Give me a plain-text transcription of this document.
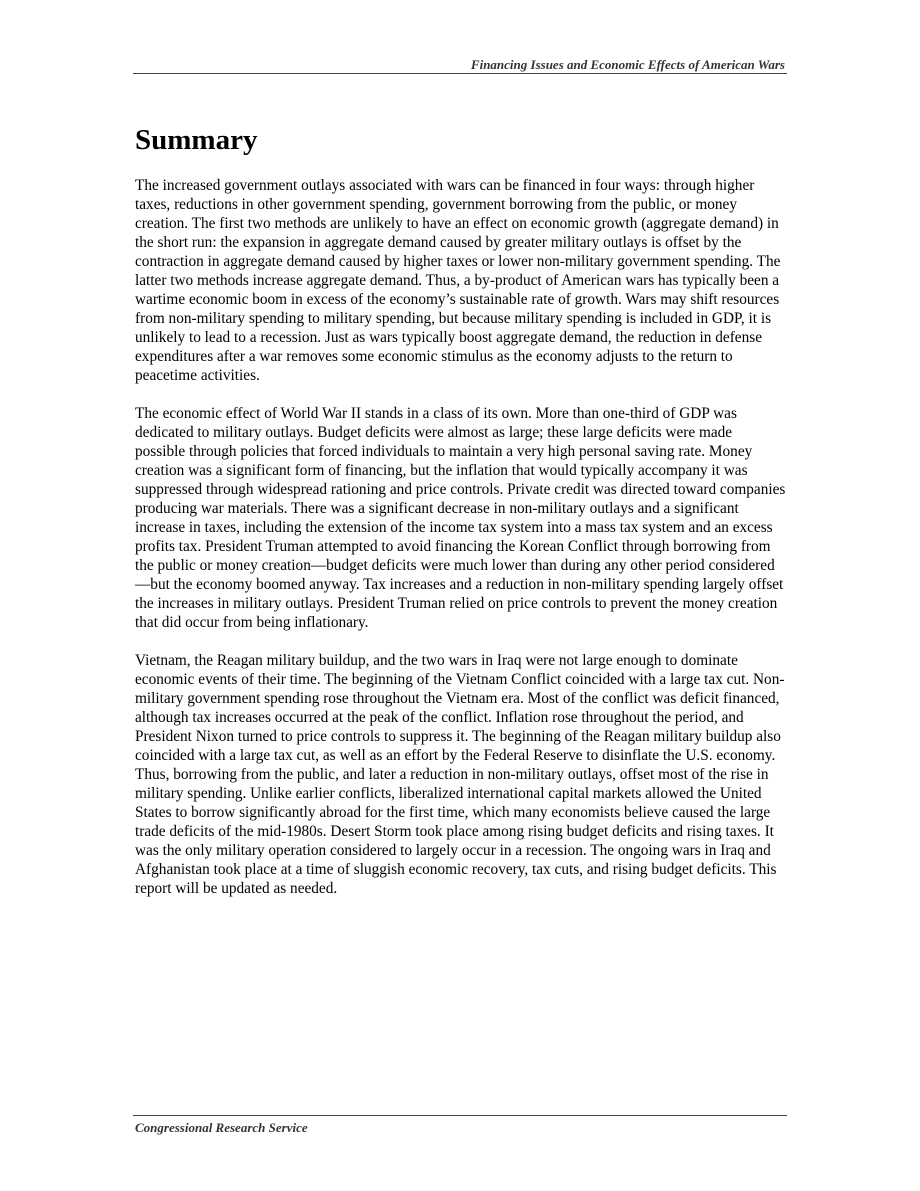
Financing Issues and Economic Effects of American Wars
Summary

The increased government outlays associated with wars can be financed in four ways: through higher taxes, reductions in other government spending, government borrowing from the public, or money creation. The first two methods are unlikely to have an effect on economic growth (aggregate demand) in the short run: the expansion in aggregate demand caused by greater military outlays is offset by the contraction in aggregate demand caused by higher taxes or lower non-military government spending. The latter two methods increase aggregate demand. Thus, a by-product of American wars has typically been a wartime economic boom in excess of the economy’s sustainable rate of growth. Wars may shift resources from non-military spending to military spending, but because military spending is included in GDP, it is unlikely to lead to a recession. Just as wars typically boost aggregate demand, the reduction in defense expenditures after a war removes some economic stimulus as the economy adjusts to the return to peacetime activities.

The economic effect of World War II stands in a class of its own. More than one-third of GDP was dedicated to military outlays. Budget deficits were almost as large; these large deficits were made possible through policies that forced individuals to maintain a very high personal saving rate. Money creation was a significant form of financing, but the inflation that would typically accompany it was suppressed through widespread rationing and price controls. Private credit was directed toward companies producing war materials. There was a significant decrease in non-military outlays and a significant increase in taxes, including the extension of the income tax system into a mass tax system and an excess profits tax. President Truman attempted to avoid financing the Korean Conflict through borrowing from the public or money creation—budget deficits were much lower than during any other period considered—but the economy boomed anyway. Tax increases and a reduction in non-military spending largely offset the increases in military outlays. President Truman relied on price controls to prevent the money creation that did occur from being inflationary.

Vietnam, the Reagan military buildup, and the two wars in Iraq were not large enough to dominate economic events of their time. The beginning of the Vietnam Conflict coincided with a large tax cut. Non-military government spending rose throughout the Vietnam era. Most of the conflict was deficit financed, although tax increases occurred at the peak of the conflict. Inflation rose throughout the period, and President Nixon turned to price controls to suppress it. The beginning of the Reagan military buildup also coincided with a large tax cut, as well as an effort by the Federal Reserve to disinflate the U.S. economy. Thus, borrowing from the public, and later a reduction in non-military outlays, offset most of the rise in military spending. Unlike earlier conflicts, liberalized international capital markets allowed the United States to borrow significantly abroad for the first time, which many economists believe caused the large trade deficits of the mid-1980s. Desert Storm took place among rising budget deficits and rising taxes. It was the only military operation considered to largely occur in a recession. The ongoing wars in Iraq and Afghanistan took place at a time of sluggish economic recovery, tax cuts, and rising budget deficits. This report will be updated as needed.

Congressional Research Service
